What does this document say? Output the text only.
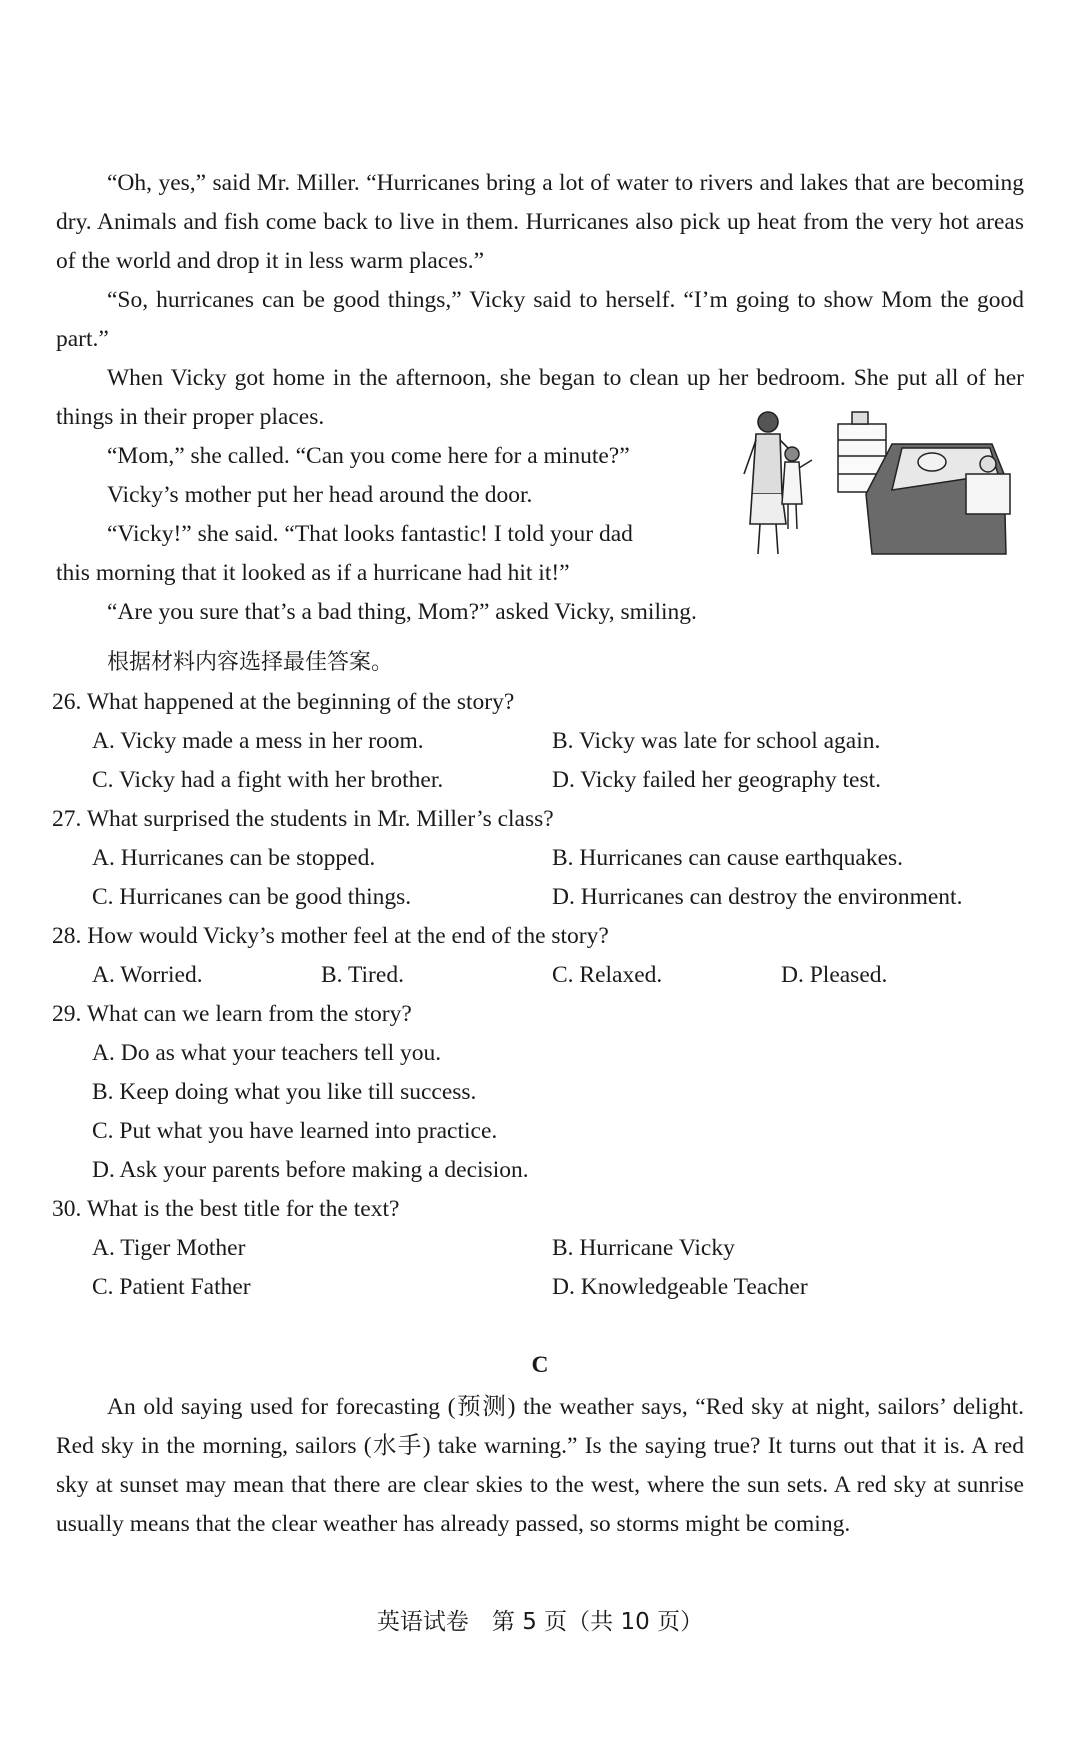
“Oh, yes,” said Mr. Miller. “Hurricanes bring a lot of water to rivers and lakes that are becoming dry. Animals and fish come back to live in them. Hurricanes also pick up heat from the very hot areas of the world and drop it in less warm places.”
“So, hurricanes can be good things,” Vicky said to herself. “I’m going to show Mom the good part.”
When Vicky got home in the afternoon, she began to clean up her bedroom. She put all of her things in their proper places.
“Mom,” she called. “Can you come here for a minute?”
Vicky’s mother put her head around the door.
“Vicky!” she said. “That looks fantastic! I told your dad
this morning that it looked as if a hurricane had hit it!”
“Are you sure that’s a bad thing, Mom?” asked Vicky, smiling.
根据材料内容选择最佳答案。
26. What happened at the beginning of the story?
A. Vicky made a mess in her room.	B. Vicky was late for school again.
C. Vicky had a fight with her brother.	D. Vicky failed her geography test.
27. What surprised the students in Mr. Miller’s class?
A. Hurricanes can be stopped.	B. Hurricanes can cause earthquakes.
C. Hurricanes can be good things.	D. Hurricanes can destroy the environment.
28. How would Vicky’s mother feel at the end of the story?
A. Worried.	B. Tired.	C. Relaxed.	D. Pleased.
29. What can we learn from the story?
A. Do as what your teachers tell you.
B. Keep doing what you like till success.
C. Put what you have learned into practice.
D. Ask your parents before making a decision.
30. What is the best title for the text?
A. Tiger Mother	B. Hurricane Vicky
C. Patient Father	D. Knowledgeable Teacher
C
An old saying used for forecasting (预测) the weather says, “Red sky at night, sailors’ delight. Red sky in the morning, sailors (水手) take warning.” Is the saying true? It turns out that it is. A red sky at sunset may mean that there are clear skies to the west, where the sun sets. A red sky at sunrise usually means that the clear weather has already passed, so storms might be coming.
英语试卷　第 5 页（共 10 页）
